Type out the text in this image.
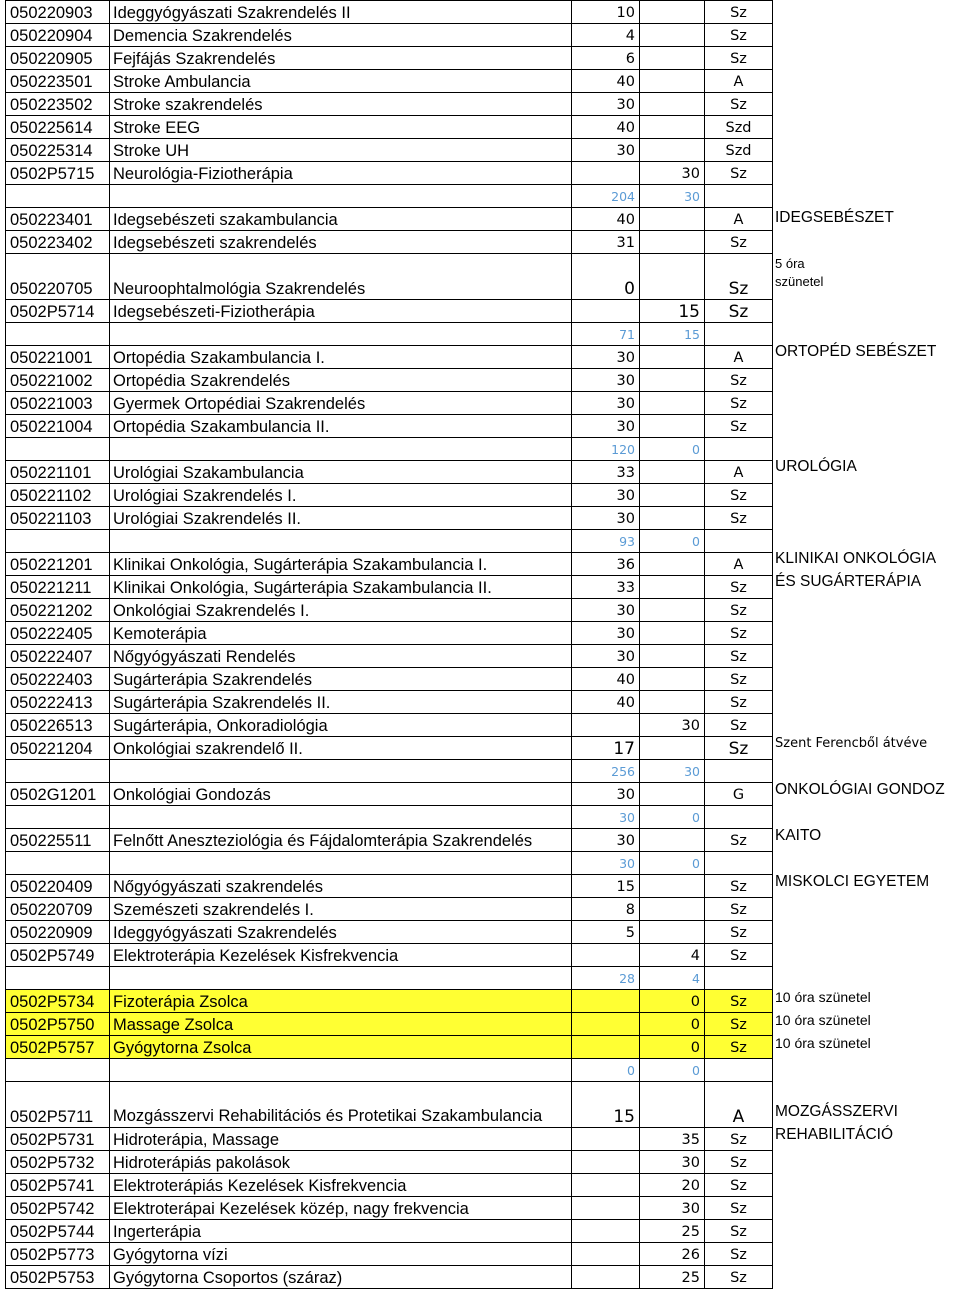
050220903	Ideggyógyászati Szakrendelés II	10		Sz
050220904	Demencia Szakrendelés	4		Sz
050220905	Fejfájás Szakrendelés	6		Sz
050223501	Stroke Ambulancia	40		A
050223502	Stroke szakrendelés	30		Sz
050225614	Stroke EEG	40		Szd
050225314	Stroke UH	30		Szd
0502P5715	Neurológia-Fiziotherápia		30	Sz
		204	30	
050223401	Idegsebészeti szakambulancia	40		A
050223402	Idegsebészeti szakrendelés	31		Sz
050220705	Neuroophtalmológia Szakrendelés	0		Sz
0502P5714	Idegsebészeti-Fiziotherápia		15	Sz
		71	15	
050221001	Ortopédia Szakambulancia I.	30		A
050221002	Ortopédia Szakrendelés	30		Sz
050221003	Gyermek Ortopédiai Szakrendelés	30		Sz
050221004	Ortopédia Szakambulancia II.	30		Sz
		120	0	
050221101	Urológiai Szakambulancia	33		A
050221102	Urológiai Szakrendelés I.	30		Sz
050221103	Urológiai Szakrendelés II.	30		Sz
		93	0	
050221201	Klinikai Onkológia, Sugárterápia Szakambulancia I.	36		A
050221211	Klinikai Onkológia, Sugárterápia Szakambulancia II.	33		Sz
050221202	Onkológiai Szakrendelés I.	30		Sz
050222405	Kemoterápia	30		Sz
050222407	Nőgyógyászati Rendelés	30		Sz
050222403	Sugárterápia Szakrendelés	40		Sz
050222413	Sugárterápia Szakrendelés II.	40		Sz
050226513	Sugárterápia, Onkoradiológia		30	Sz
050221204	Onkológiai szakrendelő II.	17		Sz
		256	30	
0502G1201	Onkológiai Gondozás	30		G
		30	0	
050225511	Felnőtt Aneszteziológia és Fájdalomterápia Szakrendelés	30		Sz
		30	0	
050220409	Nőgyógyászati szakrendelés	15		Sz
050220709	Szemészeti szakrendelés I.	8		Sz
050220909	Ideggyógyászati Szakrendelés	5		Sz
0502P5749	Elektroterápia Kezelések Kisfrekvencia		4	Sz
		28	4	
0502P5734	Fizoterápia Zsolca		0	Sz
0502P5750	Massage Zsolca		0	Sz
0502P5757	Gyógytorna Zsolca		0	Sz
		0	0	
0502P5711	Mozgásszervi Rehabilitációs és Protetikai Szakambulancia	15		A
0502P5731	Hidroterápia, Massage		35	Sz
0502P5732	Hidroterápiás pakolások		30	Sz
0502P5741	Elektroterápiás Kezelések Kisfrekvencia		20	Sz
0502P5742	Elektroterápai Kezelések közép, nagy frekvencia		30	Sz
0502P5744	Ingerterápia		25	Sz
0502P5773	Gyógytorna vízi		26	Sz
0502P5753	Gyógytorna Csoportos (száraz)		25	Sz
IDEGSEBÉSZET
5 óra
szünetel
ORTOPÉD SEBÉSZET
UROLÓGIA
KLINIKAI ONKOLÓGIA
ÉS SUGÁRTERÁPIA
Szent Ferencből átvéve
ONKOLÓGIAI GONDOZ
KAITO
MISKOLCI EGYETEM
10 óra szünetel
10 óra szünetel
10 óra szünetel
MOZGÁSSZERVI
REHABILITÁCIÓ
